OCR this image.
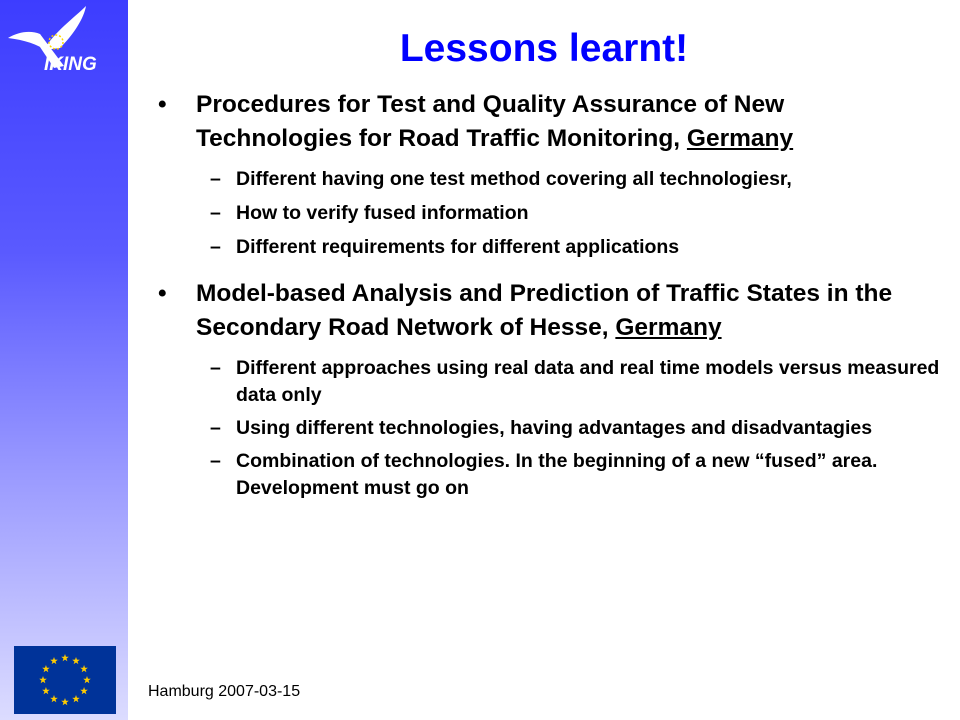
IKING	Lessons learnt!
• Procedures for Test and Quality Assurance of New Technologies for Road Traffic Monitoring, Germany
– Different having one test method covering all technologiesr,
– How to verify fused information
– Different requirements for different applications
• Model-based Analysis and Prediction of Traffic States in the Secondary Road Network of Hesse, Germany
– Different approaches using real data and real time models versus measured data only
– Using different technologies, having advantages and disadvantagies
– Combination of technologies. In the beginning of a new “fused” area. Development must go on
Hamburg 2007-03-15
